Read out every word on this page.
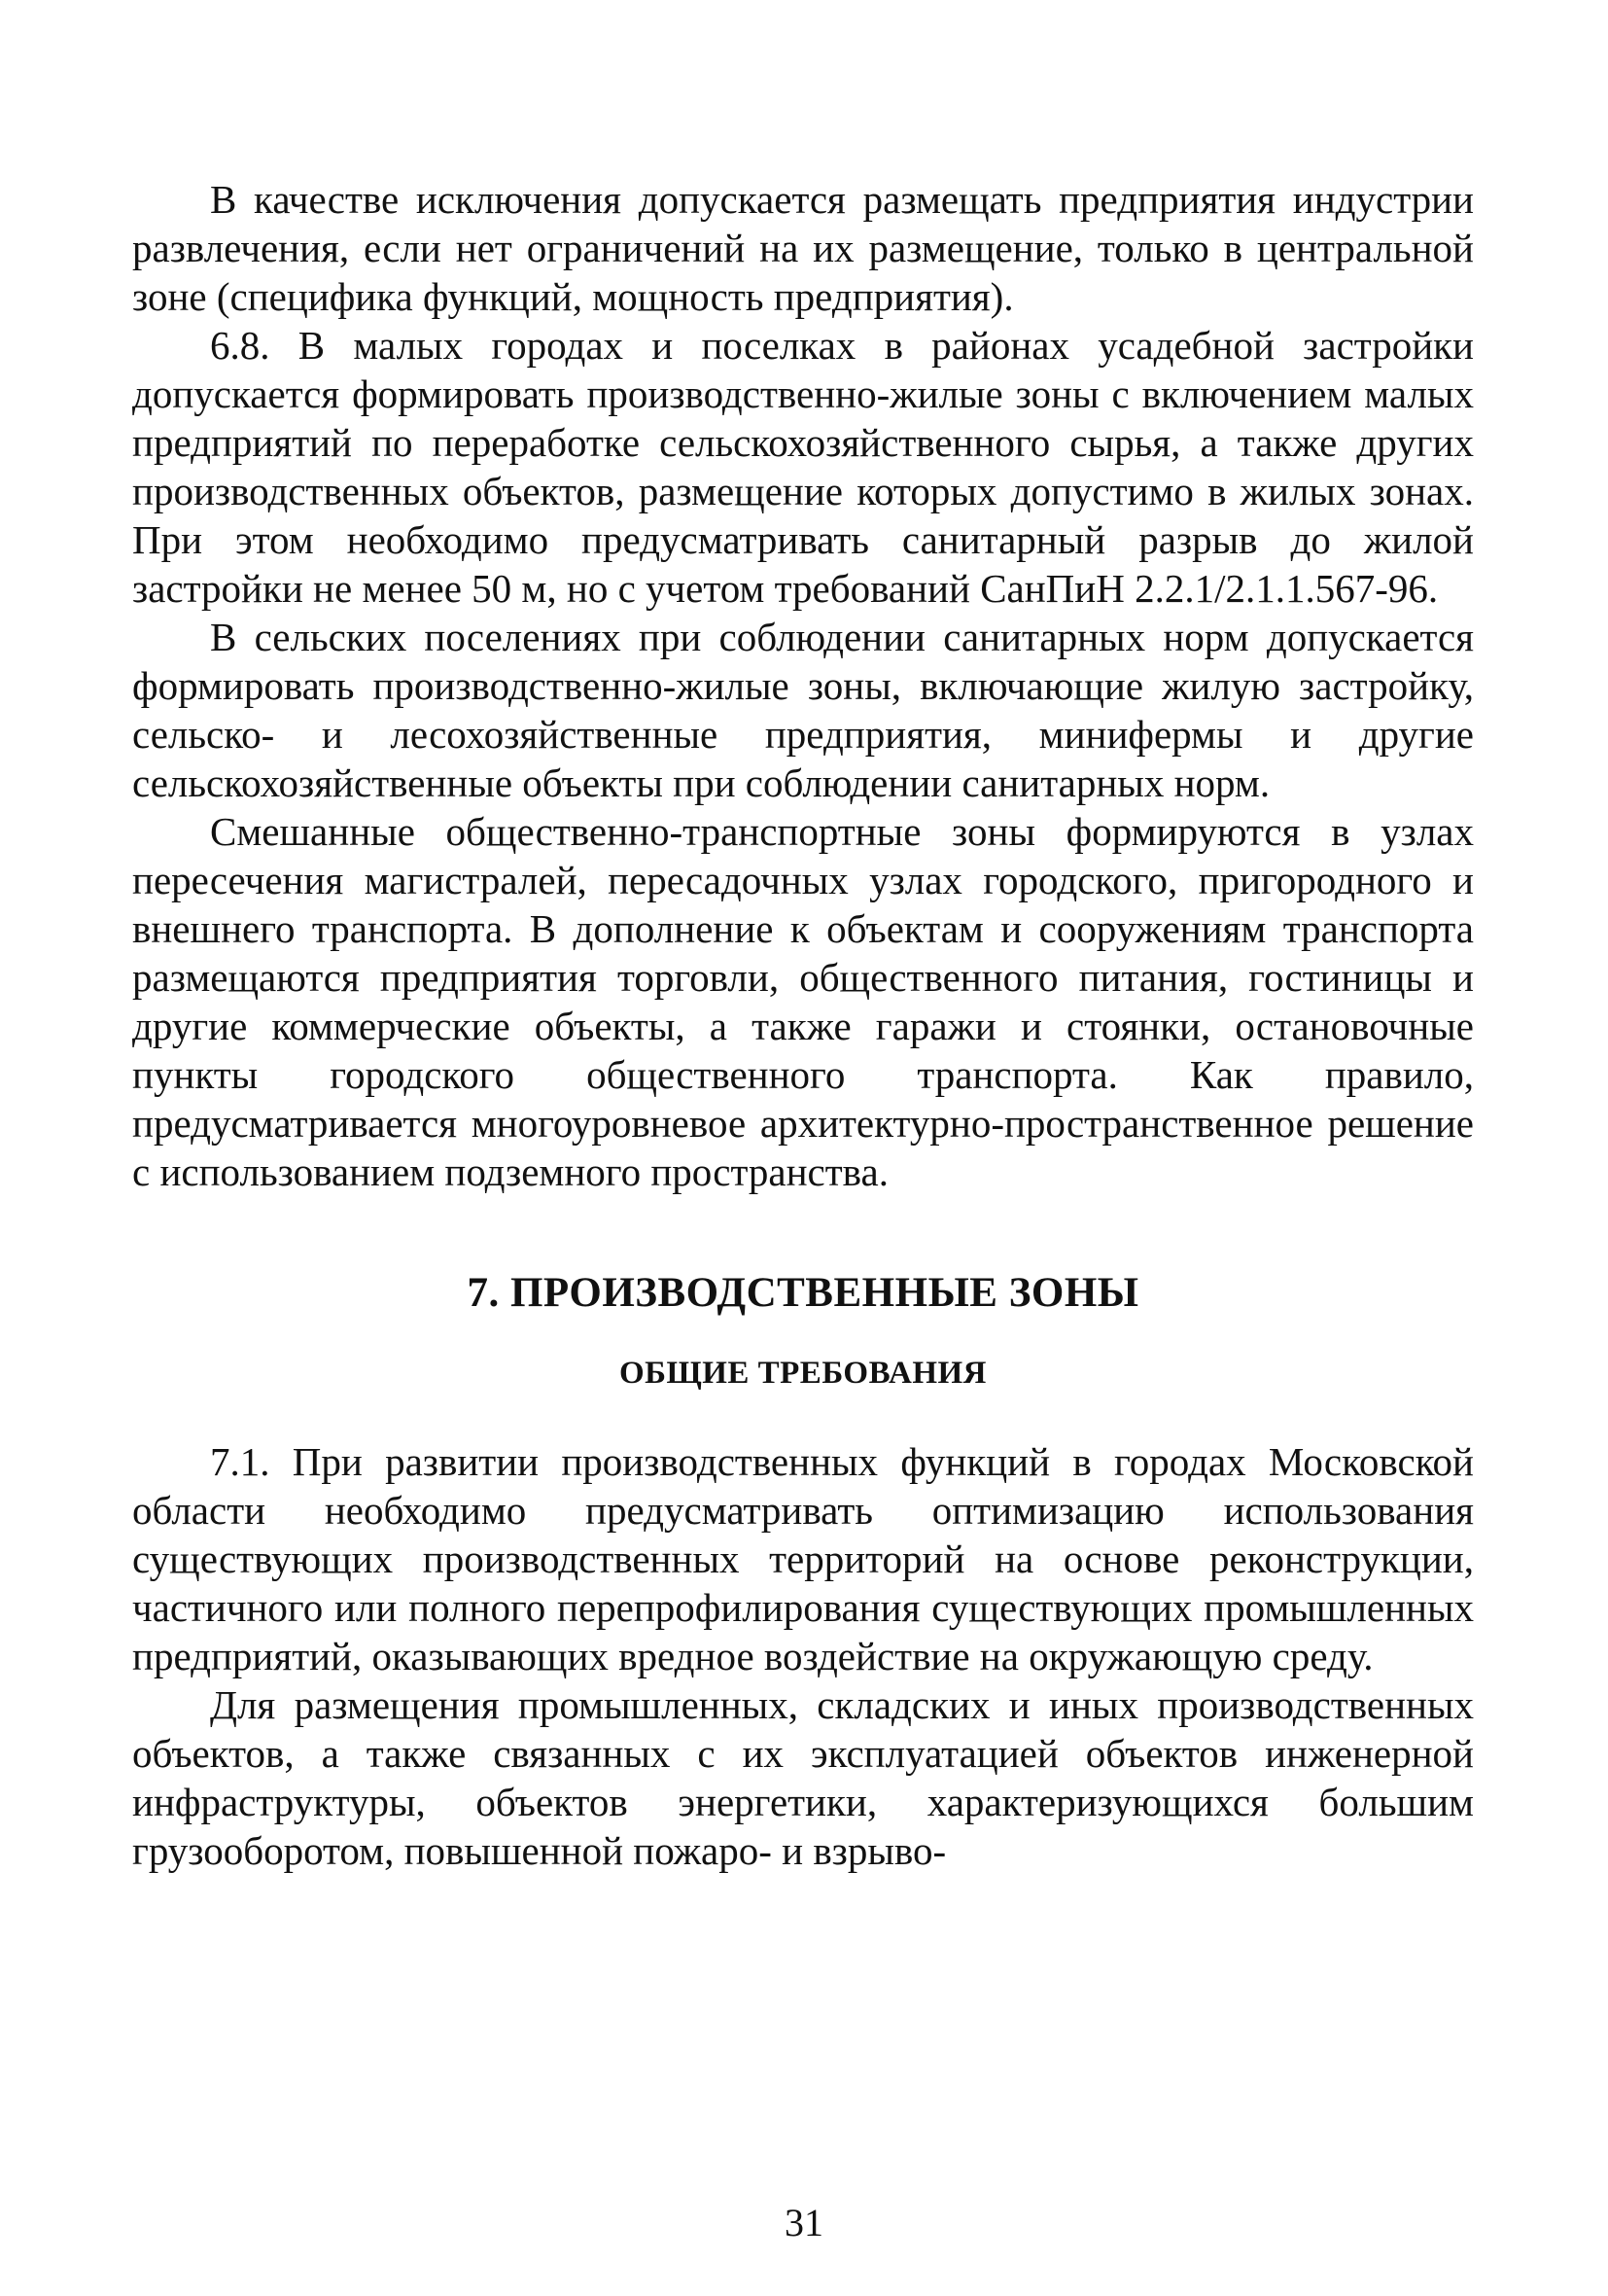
В качестве исключения допускается размещать предприятия индустрии развлечения, если нет ограничений на их размещение, только в центральной зоне (специфика функций, мощность предприятия).

6.8. В малых городах и поселках в районах усадебной застройки допускается формировать производственно-жилые зоны с включением малых предприятий по переработке сельскохозяйственного сырья, а также других производственных объектов, размещение которых допустимо в жилых зонах. При этом необходимо предусматривать санитарный разрыв до жилой застройки не менее 50 м, но с учетом требований СанПиН 2.2.1/2.1.1.567-96.

В сельских поселениях при соблюдении санитарных норм допускается формировать производственно-жилые зоны, включающие жилую застройку, сельско- и лесохозяйственные предприятия, минифермы и другие сельскохозяйственные объекты при соблюдении санитарных норм.

Смешанные общественно-транспортные зоны формируются в узлах пересечения магистралей, пересадочных узлах городского, пригородного и внешнего транспорта. В дополнение к объектам и сооружениям транспорта размещаются предприятия торговли, общественного питания, гостиницы и другие коммерческие объекты, а также гаражи и стоянки, остановочные пункты городского общественного транспорта. Как правило, предусматривается многоуровневое архитектурно-пространственное решение с использованием подземного пространства.

7. ПРОИЗВОДСТВЕННЫЕ ЗОНЫ
ОБЩИЕ ТРЕБОВАНИЯ

7.1. При развитии производственных функций в городах Московской области необходимо предусматривать оптимизацию использования существующих производственных территорий на основе реконструкции, частичного или полного перепрофилирования существующих промышленных предприятий, оказывающих вредное воздействие на окружающую среду.

Для размещения промышленных, складских и иных производственных объектов, а также связанных с их эксплуатацией объектов инженерной инфраструктуры, объектов энергетики, характеризующихся большим грузооборотом, повышенной пожаро- и взрыво-

31
